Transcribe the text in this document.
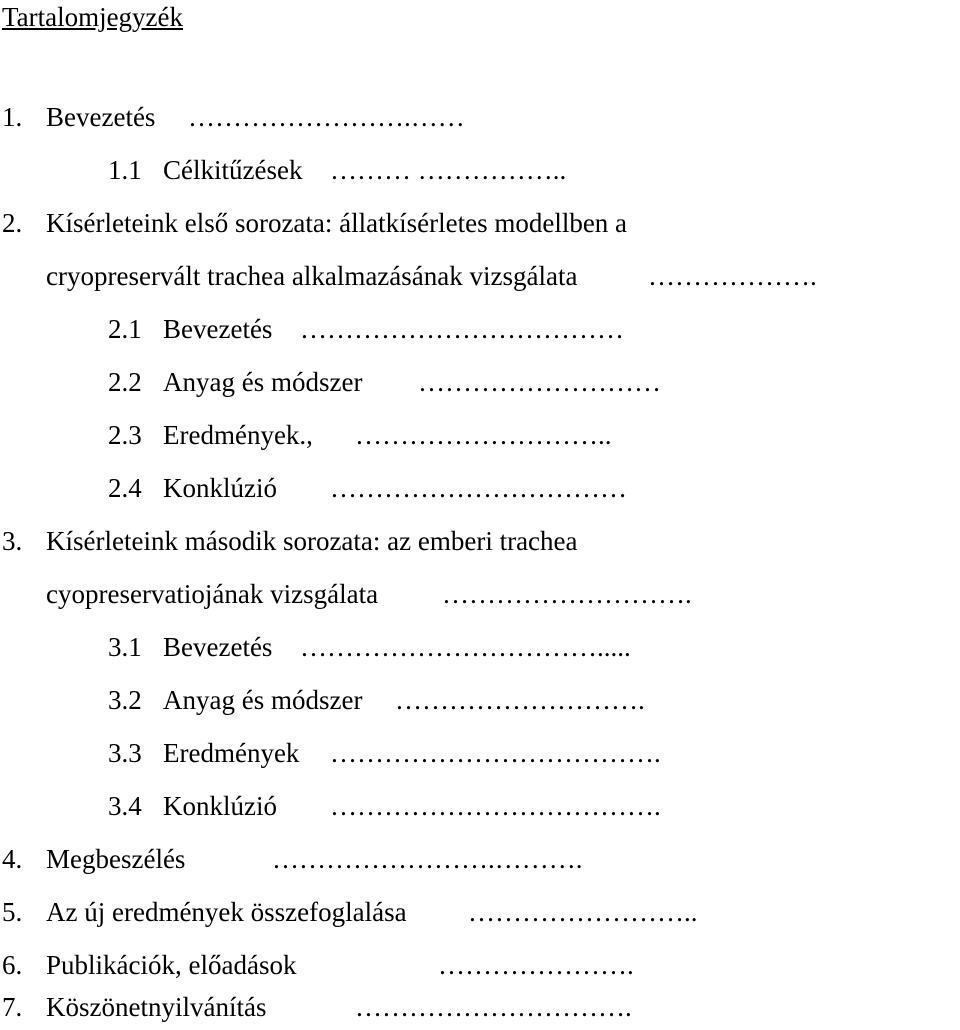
Tartalomjegyzék
1. Bevezetés …………………….……
1.1 Célkitűzések ……… ……………..
2. Kísérleteink első sorozata: állatkísérletes modellben a
cryopreservált trachea alkalmazásának vizsgálata	……………….
2.1 Bevezetés ………………………………
2.2 Anyag és módszer ………………………
2.3 Eredmények., ………………………..
2.4 Konklúzió ……………………………
3. Kísérleteink második sorozata: az emberi trachea
cyopreservatiojának vizsgálata ……………………….
3.1 Bevezetés …………………………….....
3.2 Anyag és módszer ……………………….
3.3 Eredmények ……………………………….
3.4 Konklúzió ……………………………….
4. Megbeszélés	…………………….……….
5. Az új eredmények összefoglalása ……………………..
6. Publikációk, előadások	………………….
7. Köszönetnyilvánítás	………………………….
